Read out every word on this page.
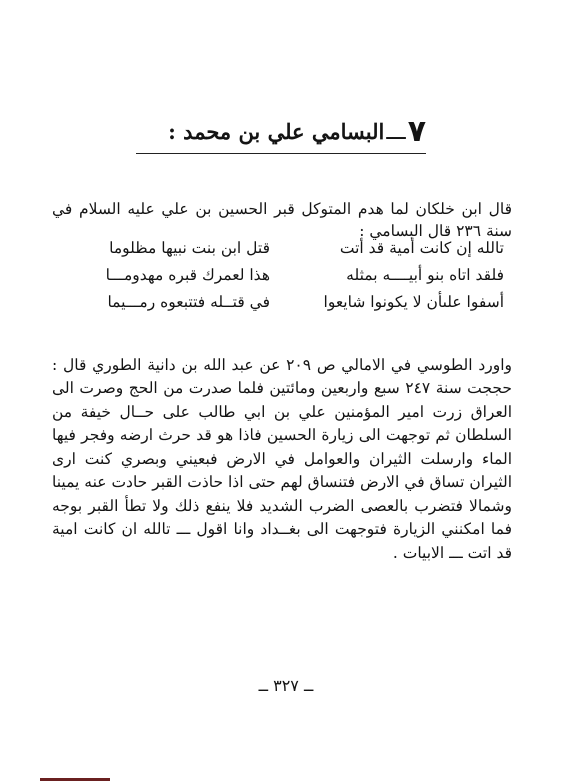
٧
ـــ
البسامي علي بن محمد :

قال ابن خلكان لما هدم المتوكل قبر الحسين بن علي عليه السلام في سنة ٢٣٦ قال البسامي :

تالله إن كانت أمية قد أتت
قتل ابن بنت نبيها مظلوما
فلقد اتاه بنو أبيــــه بمثله
هذا لعمرك قبره مهدومـــا
أسفوا علىأن لا يكونوا شايعوا
في قتــله فتتبعوه رمـــيما

واورد الطوسي في الامالي ص ٢٠٩ عن عبد الله بن دانية الطوري قال : حججت سنة ٢٤٧ سبع واربعين ومائتين فلما صدرت من الحج وصرت الى العراق زرت امير المؤمنين علي بن ابي طالب على حــال خيفة من السلطان ثم توجهت الى زيارة الحسين فاذا هو قد حرث ارضه وفجر فيها الماء وارسلت الثيران والعوامل في الارض فبعيني وبصري كنت ارى الثيران تساق في الارض فتنساق لهم حتى اذا حاذت القبر حادت عنه يمينا وشمالا فتضرب بالعصى الضرب الشديد فلا ينفع ذلك ولا تطأ القبر بوجه فما امكنني الزيارة فتوجهت الى بغــداد وانا اقول ـــ تالله ان كانت امية قد اتت ـــ الابيات .

ــ ٣٢٧ ــ
